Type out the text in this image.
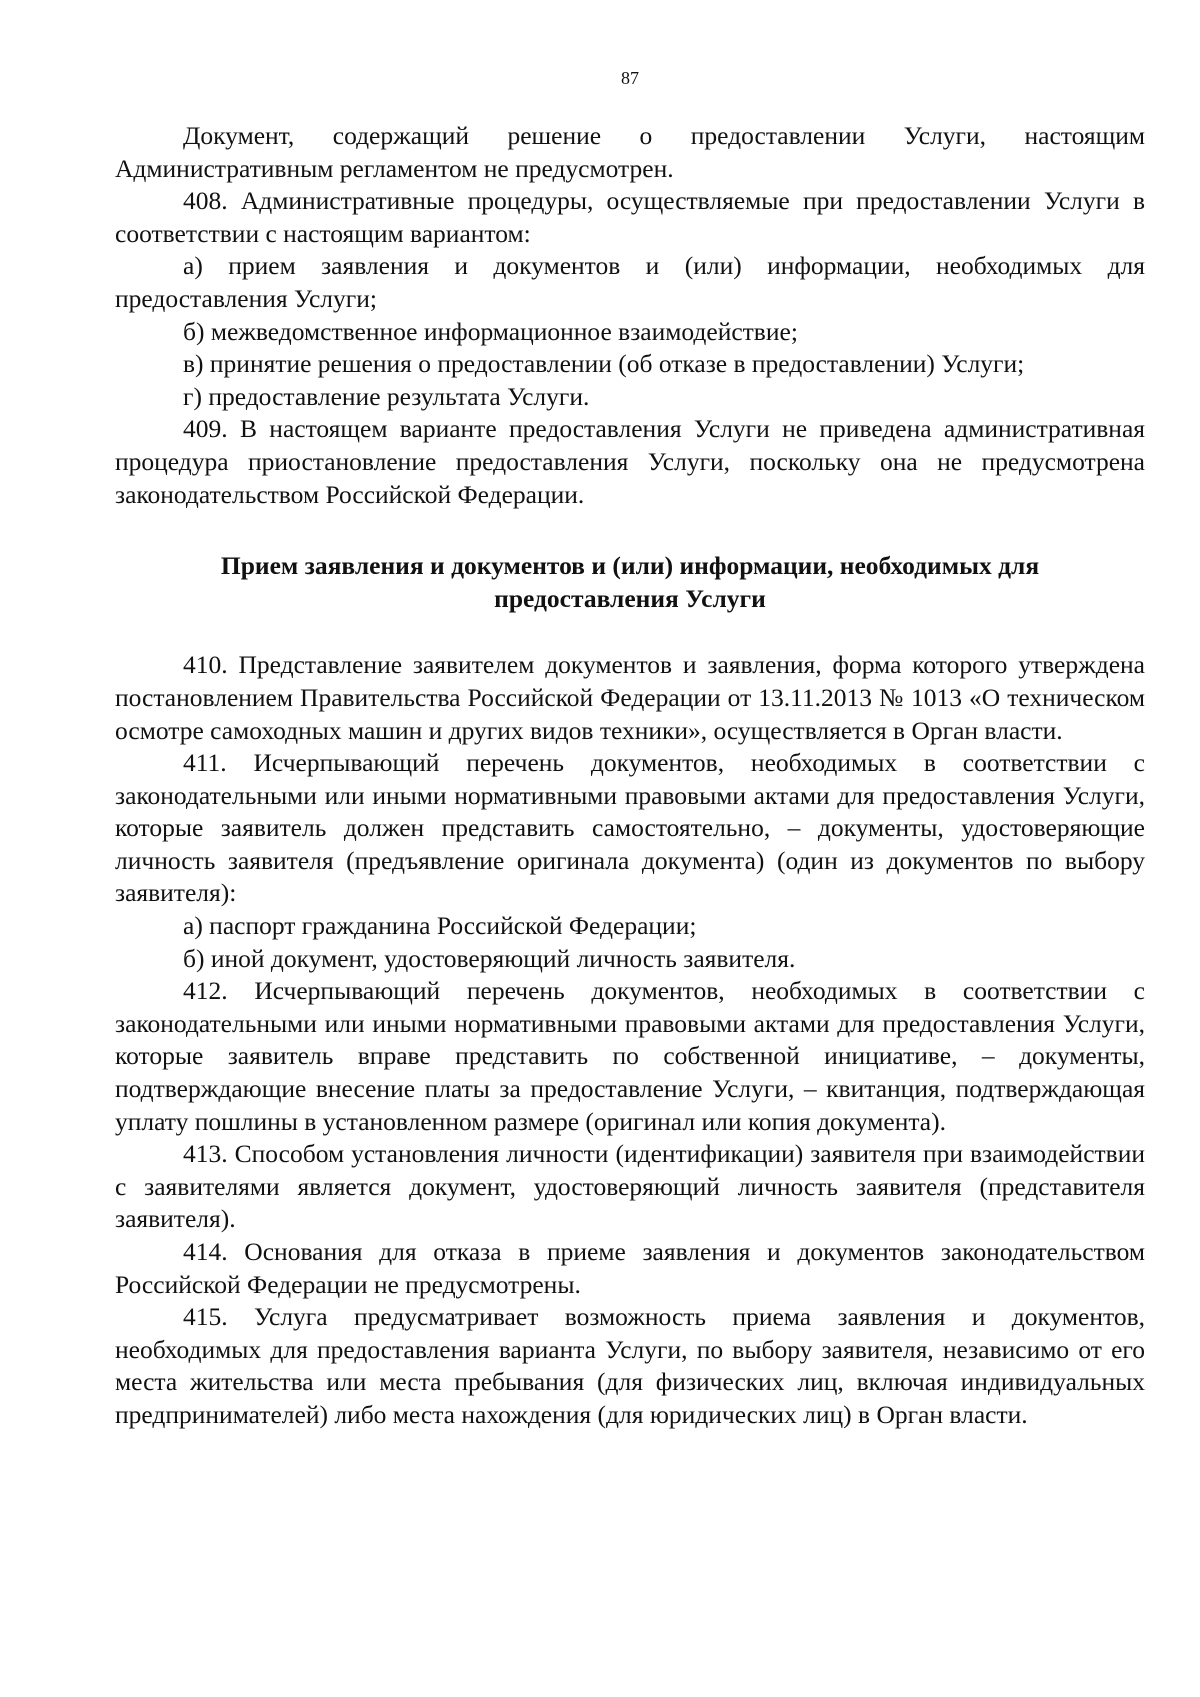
87

Документ, содержащий решение о предоставлении Услуги, настоящим Административным регламентом не предусмотрен.

408. Административные процедуры, осуществляемые при предоставлении Услуги в соответствии с настоящим вариантом:

а) прием заявления и документов и (или) информации, необходимых для предоставления Услуги;

б) межведомственное информационное взаимодействие;

в) принятие решения о предоставлении (об отказе в предоставлении) Услуги;

г) предоставление результата Услуги.

409. В настоящем варианте предоставления Услуги не приведена административная процедура приостановление предоставления Услуги, поскольку она не предусмотрена законодательством Российской Федерации.

Прием заявления и документов и (или) информации, необходимых для
предоставления Услуги

410. Представление заявителем документов и заявления, форма которого утверждена постановлением Правительства Российской Федерации от 13.11.2013 № 1013 «О техническом осмотре самоходных машин и других видов техники», осуществляется в Орган власти.

411. Исчерпывающий перечень документов, необходимых в соответствии с законодательными или иными нормативными правовыми актами для предоставления Услуги, которые заявитель должен представить самостоятельно, – документы, удостоверяющие личность заявителя (предъявление оригинала документа) (один из документов по выбору заявителя):

а) паспорт гражданина Российской Федерации;

б) иной документ, удостоверяющий личность заявителя.

412. Исчерпывающий перечень документов, необходимых в соответствии с законодательными или иными нормативными правовыми актами для предоставления Услуги, которые заявитель вправе представить по собственной инициативе, – документы, подтверждающие внесение платы за предоставление Услуги, – квитанция, подтверждающая уплату пошлины в установленном размере (оригинал или копия документа).

413. Способом установления личности (идентификации) заявителя при взаимодействии с заявителями является документ, удостоверяющий личность заявителя (представителя заявителя).

414. Основания для отказа в приеме заявления и документов законодательством Российской Федерации не предусмотрены.

415. Услуга предусматривает возможность приема заявления и документов, необходимых для предоставления варианта Услуги, по выбору заявителя, независимо от его места жительства или места пребывания (для физических лиц, включая индивидуальных предпринимателей) либо места нахождения (для юридических лиц) в Орган власти.
